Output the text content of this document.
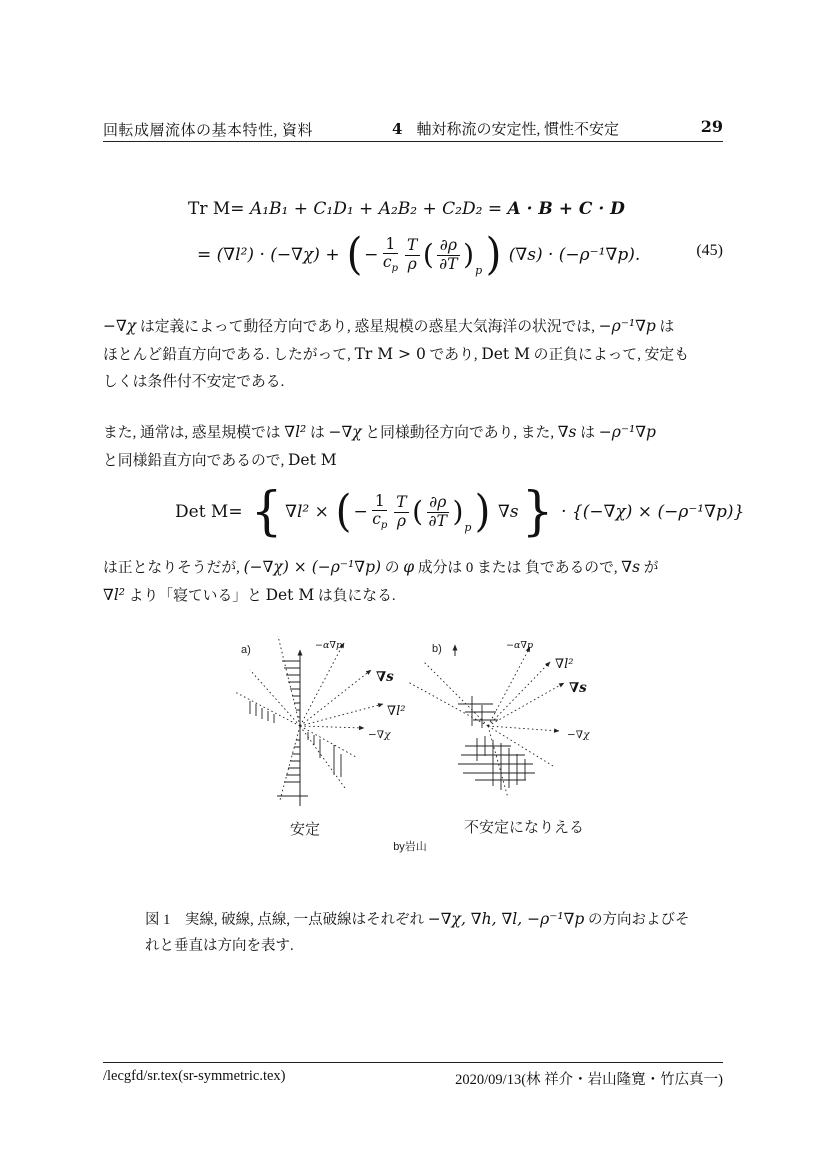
回転成層流体の基本特性, 資料	4 軸対称流の安定性, 慣性不安定	29
Tr M = A₁B₁ + C₁D₁ + A₂B₂ + C₂D₂ = A · B + C · D
= (∇l²) · (−∇χ) + ( − $\frac{1}{c_p} \frac{T}{\rho}$ ( $\frac{\partial\rho}{\partial T}$ ) p ) (∇s) · (−ρ⁻¹∇p).	(45)
−∇χ は定義によって動径方向であり, 惑星規模の惑星大気海洋の状況では, −ρ⁻¹∇p は
ほとんど鉛直方向である. したがって, Tr M > 0 であり, Det M の正負によって, 安定も
しくは条件付不安定である.
また, 通常は, 惑星規模では ∇l² は −∇χ と同様動径方向であり, また, ∇s は −ρ⁻¹∇p
と同様鉛直方向であるので, Det M
Det M = { ∇l² × ( − $\frac{1}{c_p} \frac{T}{\rho}$ ( $\frac{\partial\rho}{\partial T}$ ) p ) ∇s } · {(−∇χ) × (−ρ⁻¹∇p)}
は正となりそうだが, (−∇χ) × (−ρ⁻¹∇p) の φ 成分は 0 または 負であるので, ∇s が
∇l² より「寝ている」と Det M は負になる.
a)	−α∇p
∇s
∇l²
−∇χ
b)	−α∇p
∇l²
∇s
−∇χ
安定	不安定になりえる
by岩山
図 1　実線, 破線, 点線, 一点破線はそれぞれ −∇χ, ∇h, ∇l, −ρ⁻¹∇p の方向およびそ
れと垂直は方向を表す.
/lecgfd/sr.tex(sr-symmetric.tex)	2020/09/13(林 祥介・岩山隆寛・竹広真一)
